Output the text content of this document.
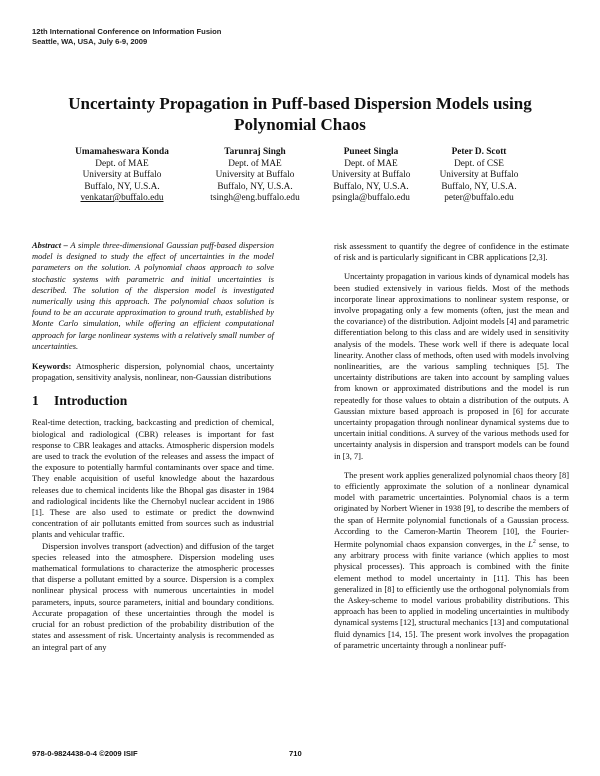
12th International Conference on Information Fusion
Seattle, WA, USA, July 6-9, 2009
Uncertainty Propagation in Puff-based Dispersion Models using
Polynomial Chaos
Umamaheswara Konda
Dept. of MAE
University at Buffalo
Buffalo, NY, U.S.A.
venkatar@buffalo.edu
Tarunraj Singh
Dept. of MAE
University at Buffalo
Buffalo, NY, U.S.A.
tsingh@eng.buffalo.edu
Puneet Singla
Dept. of MAE
University at Buffalo
Buffalo, NY, U.S.A.
psingla@buffalo.edu
Peter D. Scott
Dept. of CSE
University at Buffalo
Buffalo, NY, U.S.A.
peter@buffalo.edu

Abstract – A simple three-dimensional Gaussian puff-based dispersion model is designed to study the effect of uncertainties in the model parameters on the solution. A polynomial chaos approach to solve stochastic systems with parametric and initial uncertainties is described. The solution of the dispersion model is investigated numerically using this approach. The polynomial chaos solution is found to be an accurate approximation to ground truth, established by Monte Carlo simulation, while offering an efficient computational approach for large nonlinear systems with a relatively small number of uncertainties.

Keywords: Atmospheric dispersion, polynomial chaos, uncertainty propagation, sensitivity analysis, nonlinear, non-Gaussian distributions

1 Introduction

Real-time detection, tracking, backcasting and prediction of chemical, biological and radiological (CBR) releases is important for fast response to CBR leakages and attacks. Atmospheric dispersion models are used to track the evolution of the releases and assess the impact of the exposure to potentially harmful contaminants over space and time. They enable acquisition of useful knowledge about the hazardous releases due to chemical incidents like the Bhopal gas disaster in 1984 and radiological incidents like the Chernobyl nuclear accident in 1986 [1]. These are also used to estimate or predict the downwind concentration of air pollutants emitted from sources such as industrial plants and vehicular traffic.

Dispersion involves transport (advection) and diffusion of the target species released into the atmosphere. Dispersion modeling uses mathematical formulations to characterize the atmospheric processes that disperse a pollutant emitted by a source. Dispersion is a complex nonlinear physical process with numerous uncertainties in model parameters, inputs, source parameters, initial and boundary conditions. Accurate propagation of these uncertainties through the model is crucial for an robust prediction of the probability distribution of the states and assessment of risk. Uncertainty analysis is recommended as an integral part of any

risk assessment to quantify the degree of confidence in the estimate of risk and is particularly significant in CBR applications [2,3].

Uncertainty propagation in various kinds of dynamical models has been studied extensively in various fields. Most of the methods incorporate linear approximations to nonlinear system response, or involve propagating only a few moments (often, just the mean and the covariance) of the distribution. Adjoint models [4] and parametric differentiation belong to this class and are widely used in sensitivity analysis of the models. These work well if there is adequate local linearity. Another class of methods, often used with models involving nonlinearities, are the various sampling techniques [5]. The uncertainty distributions are taken into account by sampling values from known or approximated distributions and the model is run repeatedly for those values to obtain a distribution of the outputs. A Gaussian mixture based approach is proposed in [6] for accurate uncertainty propagation through nonlinear dynamical systems due to uncertain initial conditions. A survey of the various methods used for uncertainty analysis in dispersion and transport models can be found in [3, 7].

The present work applies generalized polynomial chaos theory [8] to efficiently approximate the solution of a nonlinear dynamical model with parametric uncertainties. Polynomial chaos is a term originated by Norbert Wiener in 1938 [9], to describe the members of the span of Hermite polynomial functionals of a Gaussian process. According to the Cameron-Martin Theorem [10], the Fourier-Hermite polynomial chaos expansion converges, in the $L^2$ sense, to any arbitrary process with finite variance (which applies to most physical processes). This approach is combined with the finite element method to model uncertainty in [11]. This has been generalized in [8] to efficiently use the orthogonal polynomials from the Askey-scheme to model various probability distributions. This approach has been to applied in modeling uncertainties in multibody dynamical systems [12], structural mechanics [13] and computational fluid dynamics [14, 15]. The present work involves the propagation of parametric uncertainty through a nonlinear puff-

978-0-9824438-0-4 ©2009 ISIF	710
